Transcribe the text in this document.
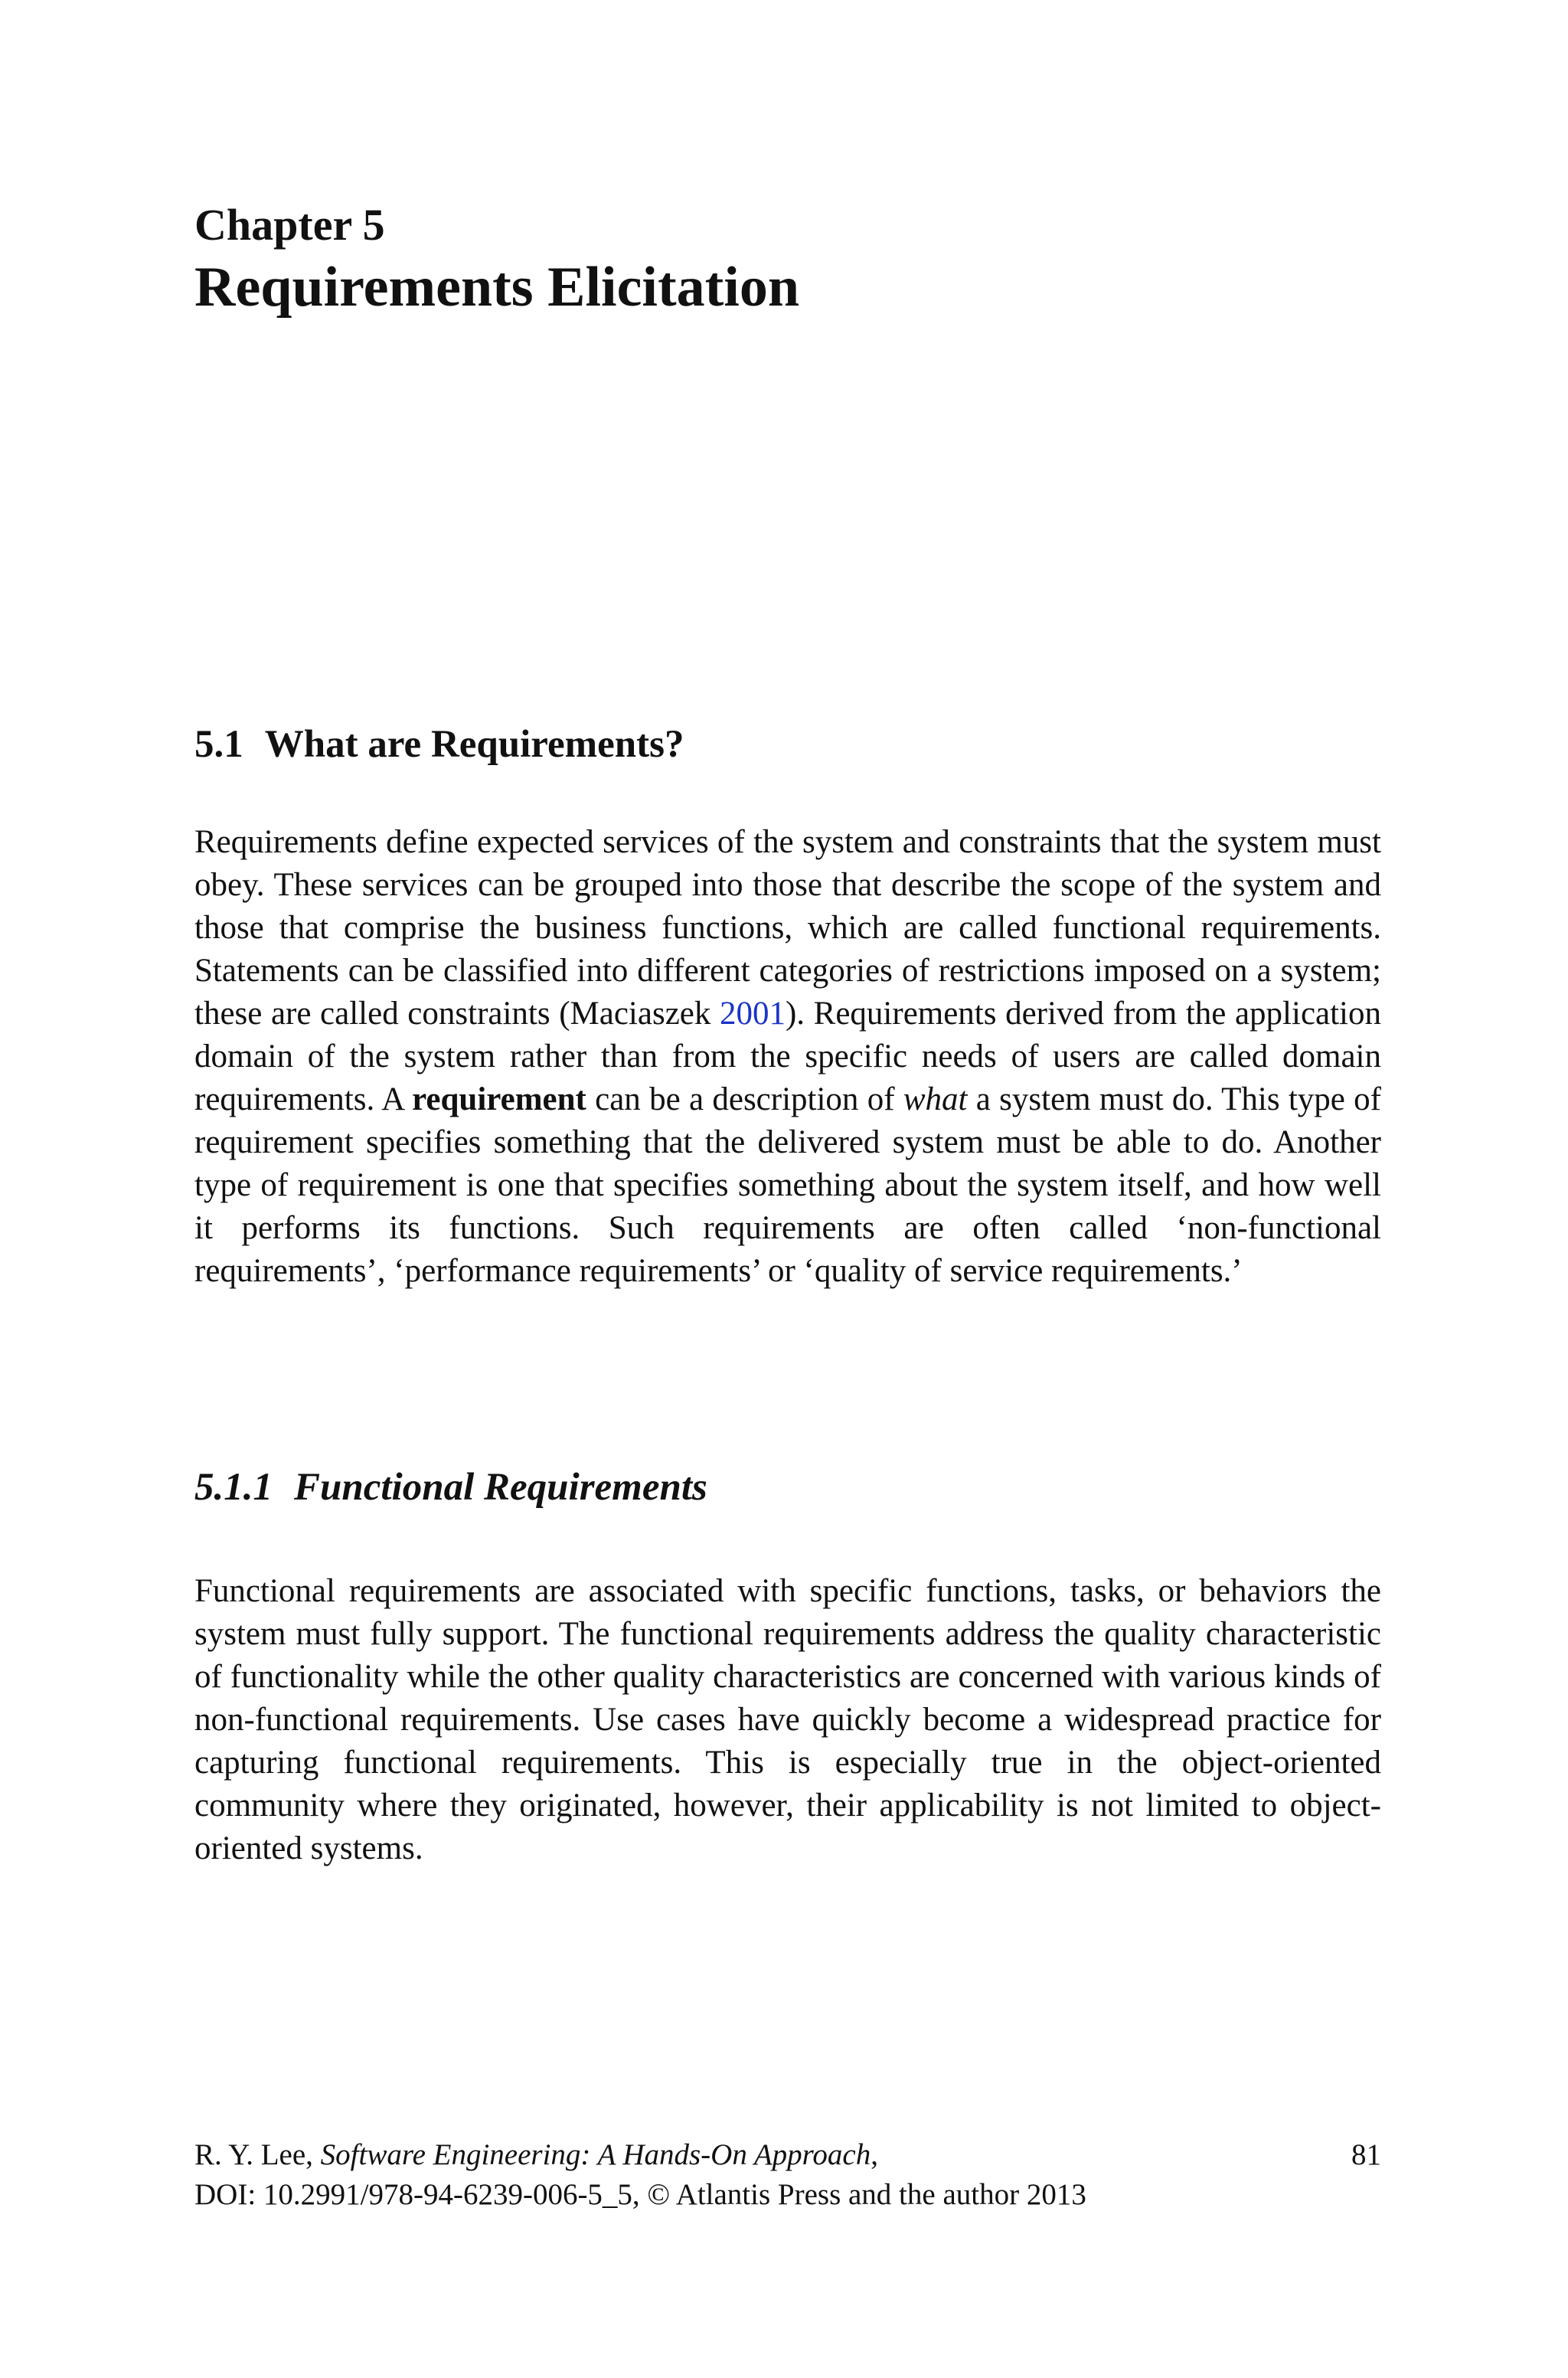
Chapter 5

Requirements Elicitation

5.1 What are Requirements?

Requirements define expected services of the system and constraints that the system must obey. These services can be grouped into those that describe the scope of the system and those that comprise the business functions, which are called functional requirements. Statements can be classified into different categories of restrictions imposed on a system; these are called constraints (Maciaszek 2001). Requirements derived from the application domain of the system rather than from the specific needs of users are called domain requirements. A requirement can be a description of what a system must do. This type of requirement specifies something that the delivered system must be able to do. Another type of requirement is one that specifies something about the system itself, and how well it performs its functions. Such requirements are often called ‘non-functional requirements’, ‘performance requirements’ or ‘quality of service requirements.’

5.1.1 Functional Requirements

Functional requirements are associated with specific functions, tasks, or behaviors the system must fully support. The functional requirements address the quality characteristic of functionality while the other quality characteristics are concerned with various kinds of non-functional requirements. Use cases have quickly become a widespread practice for capturing functional requirements. This is especially true in the object-oriented community where they originated, however, their applicability is not limited to object-oriented systems.

R. Y. Lee, Software Engineering: A Hands-On Approach,
DOI: 10.2991/978-94-6239-006-5_5, © Atlantis Press and the author 2013
81
